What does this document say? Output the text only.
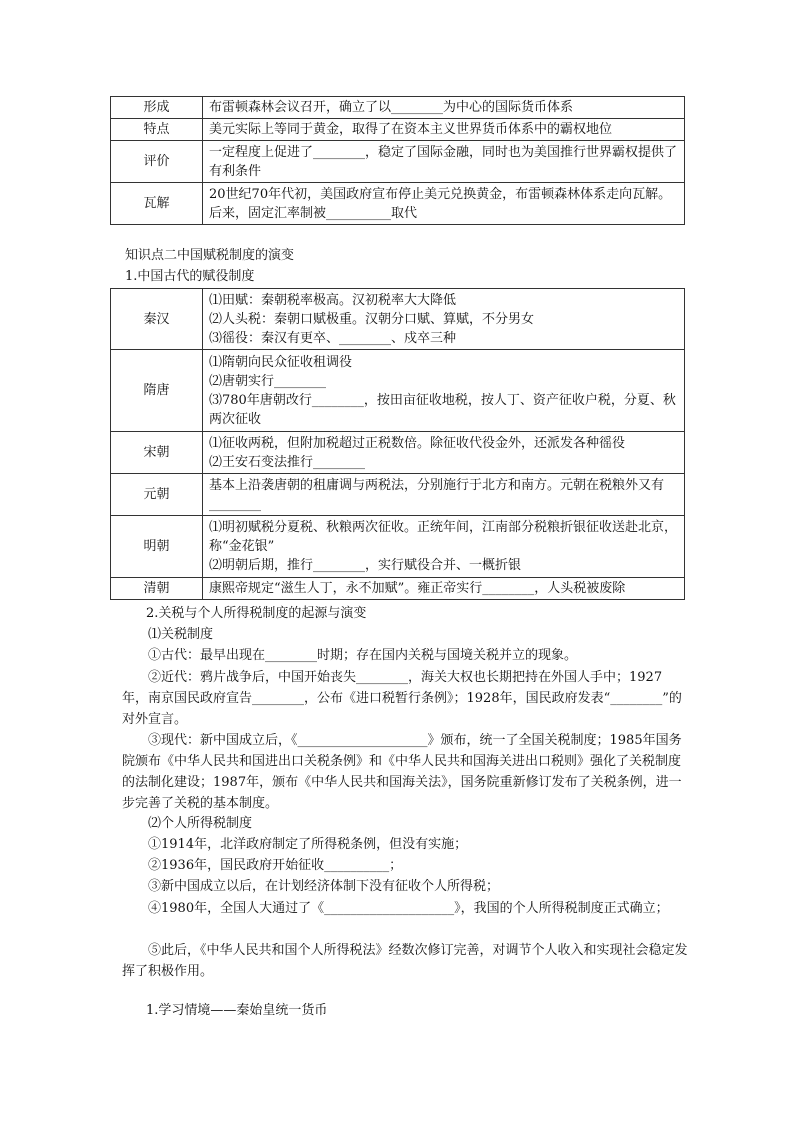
形成	布雷顿森林会议召开，确立了以________为中心的国际货币体系
特点	美元实际上等同于黄金，取得了在资本主义世界货币体系中的霸权地位
评价	一定程度上促进了________，稳定了国际金融，同时也为美国推行世界霸权提供了有利条件
瓦解	20世纪70年代初，美国政府宣布停止美元兑换黄金，布雷顿森林体系走向瓦解。后来，固定汇率制被__________取代
知识点二中国赋税制度的演变
1.中国古代的赋役制度
秦汉	⑴田赋：秦朝税率极高。汉初税率大大降低
⑵人头税：秦朝口赋极重。汉朝分口赋、算赋，不分男女
⑶徭役：秦汉有更卒、________、戍卒三种
隋唐	⑴隋朝向民众征收租调役
⑵唐朝实行________
⑶780年唐朝改行________，按田亩征收地税，按人丁、资产征收户税，分夏、秋两次征收
宋朝	⑴征收两税，但附加税超过正税数倍。除征收代役金外，还派发各种徭役
⑵王安石变法推行________
元朝	基本上沿袭唐朝的租庸调与两税法，分别施行于北方和南方。元朝在税粮外又有________
明朝	⑴明初赋税分夏税、秋粮两次征收。正统年间，江南部分税粮折银征收送赴北京，称“金花银”
⑵明朝后期，推行________，实行赋役合并、一概折银
清朝	康熙帝规定“滋生人丁，永不加赋”。雍正帝实行________，人头税被废除
2.关税与个人所得税制度的起源与演变
⑴关税制度
①古代：最早出现在________时期；存在国内关税与国境关税并立的现象。
②近代：鸦片战争后，中国开始丧失________，海关大权也长期把持在外国人手中；1927年，南京国民政府宣告________，公布《进口税暂行条例》；1928年，国民政府发表“________”的对外宣言。
③现代：新中国成立后，《____________________》颁布，统一了全国关税制度；1985年国务院颁布《中华人民共和国进出口关税条例》和《中华人民共和国海关进出口税则》强化了关税制度的法制化建设；1987年，颁布《中华人民共和国海关法》，国务院重新修订发布了关税条例，进一步完善了关税的基本制度。
⑵个人所得税制度
①1914年，北洋政府制定了所得税条例，但没有实施；
②1936年，国民政府开始征收__________；
③新中国成立以后，在计划经济体制下没有征收个人所得税；
④1980年，全国人大通过了《____________________》，我国的个人所得税制度正式确立；
⑤此后，《中华人民共和国个人所得税法》经数次修订完善，对调节个人收入和实现社会稳定发挥了积极作用。
1.学习情境——秦始皇统一货币
